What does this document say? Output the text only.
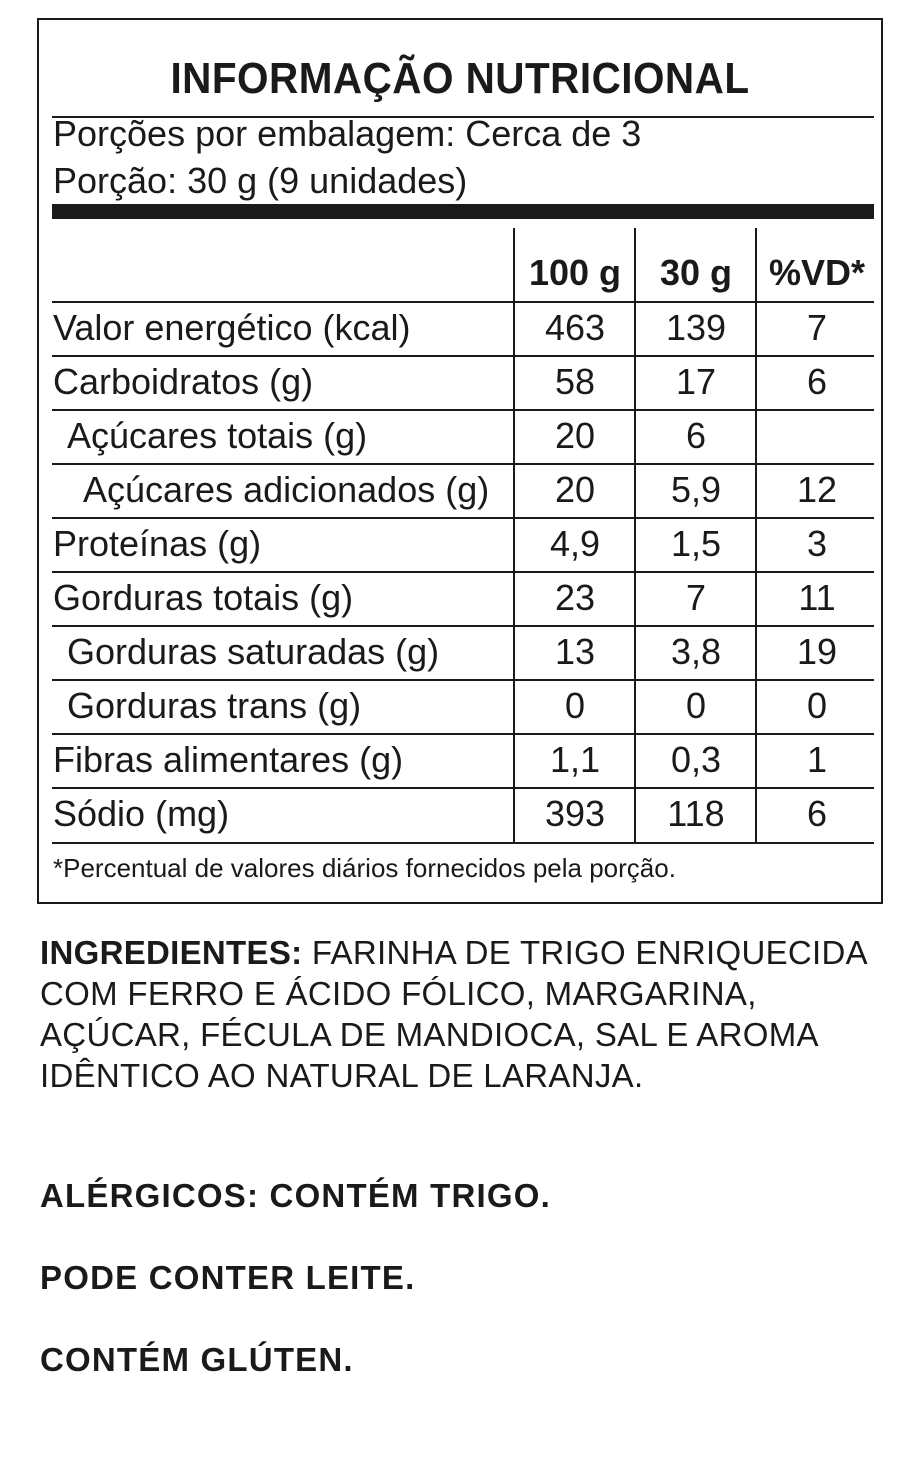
INFORMAÇÃO NUTRICIONAL
Porções por embalagem: Cerca de 3
Porção: 30 g (9 unidades)
100 g	30 g	%VD*
Valor energético (kcal)	463	139	7
Carboidratos (g)	58	17	6
Açúcares totais (g)	20	6
Açúcares adicionados (g)	20	5,9	12
Proteínas (g)	4,9	1,5	3
Gorduras totais (g)	23	7	11
Gorduras saturadas (g)	13	3,8	19
Gorduras trans (g)	0	0	0
Fibras alimentares (g)	1,1	0,3	1
Sódio (mg)	393	118	6
*Percentual de valores diários fornecidos pela porção.
INGREDIENTES: FARINHA DE TRIGO ENRIQUECIDA COM FERRO E ÁCIDO FÓLICO, MARGARINA, AÇÚCAR, FÉCULA DE MANDIOCA, SAL E AROMA IDÊNTICO AO NATURAL DE LARANJA.
ALÉRGICOS: CONTÉM TRIGO.
PODE CONTER LEITE.
CONTÉM GLÚTEN.
